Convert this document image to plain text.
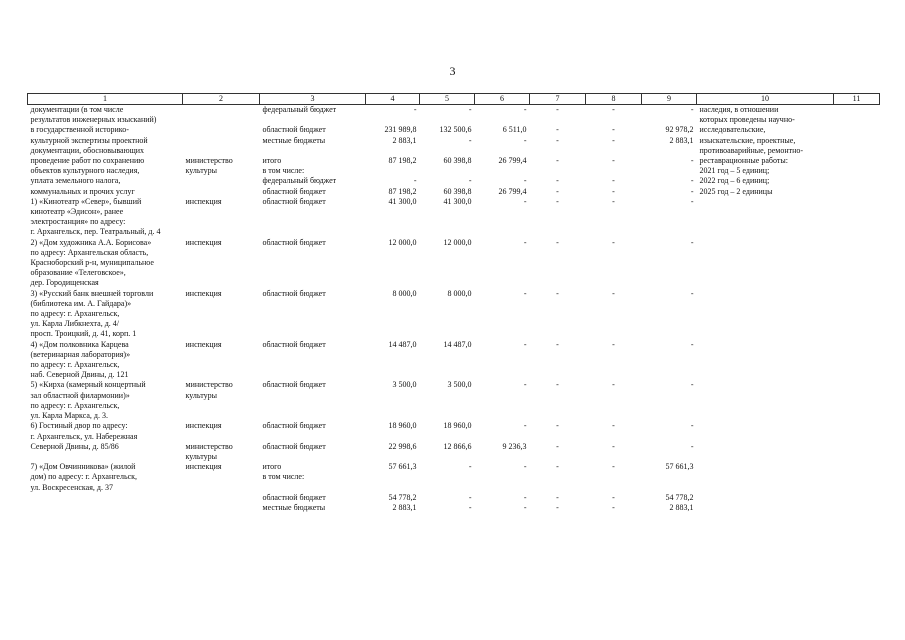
3
1	2	3	4	5	6	7	8	9	10	11
документации (в том числе		федеральный бюджет	-	-	-	-	-	-	наследия, в отношении	
результатов инженерных изысканий)									которых проведены научно-	
в государственной историко-		областной бюджет	231 989,8	132 500,6	6 511,0	-	-	92 978,2	исследовательские,	
культурной экспертизы проектной		местные бюджеты	2 883,1	-	-	-	-	2 883,1	изыскательские, проектные,	
документации, обосновывающих									противоаварийные, ремонтно-	
проведение работ по сохранению	министерство	итого	87 198,2	60 398,8	26 799,4	-	-	-	реставрационные работы:	
объектов культурного наследия,	культуры	в том числе:							2021 год – 5 единиц;	
уплата земельного налога,		федеральный бюджет	-	-	-	-	-	-	2022 год – 6 единиц;	
коммунальных и прочих услуг		областной бюджет	87 198,2	60 398,8	26 799,4	-	-	-	2025 год – 2 единицы	

1) «Кинотеатр «Север», бывший	инспекция	областной бюджет	41 300,0	41 300,0	-	-	-	-		
кинотеатр «Эдисон», ранее										
электростанция» по адресу:										
г. Архангельск, пер. Театральный, д. 4										

2) «Дом художника А.А. Борисова»	инспекция	областной бюджет	12 000,0	12 000,0	-	-	-	-		
по адресу: Архангельская область,										
Красноборский р-н, муниципальное										
образование «Телеговское»,										
дер. Городищенская										

3) «Русский банк внешней торговли	инспекция	областной бюджет	8 000,0	8 000,0	-	-	-	-		
(библиотека им. А. Гайдара)»										
по адресу: г. Архангельск,										
ул. Карла Либкнехта, д. 4/										
просп. Троицкий, д. 41, корп. 1										

4) «Дом полковника Карцева	инспекция	областной бюджет	14 487,0	14 487,0	-	-	-	-		
(ветеринарная лаборатория)»										
по адресу: г. Архангельск,										
наб. Северной Двины, д. 121										

5) «Кирха (камерный концертный	министерство	областной бюджет	3 500,0	3 500,0	-	-	-	-		
зал областной филармонии)»	культуры									
по адресу: г. Архангельск,										
ул. Карла Маркса, д. 3.										

6) Гостиный двор по адресу:	инспекция	областной бюджет	18 960,0	18 960,0	-	-	-	-		
г. Архангельск, ул. Набережная										
Северной Двины, д. 85/86	министерство	областной бюджет	22 998,6	12 866,6	9 236,3	-	-	-		
	культуры									
7) «Дом Овчинникова» (жилой	инспекция	итого	57 661,3	-	-	-	-	57 661,3		
дом) по адресу: г. Архангельск,		в том числе:								
ул. Воскресенская, д. 37										
		областной бюджет	54 778,2	-	-	-	-	54 778,2		

		местные бюджеты	2 883,1	-	-	-	-	2 883,1		
